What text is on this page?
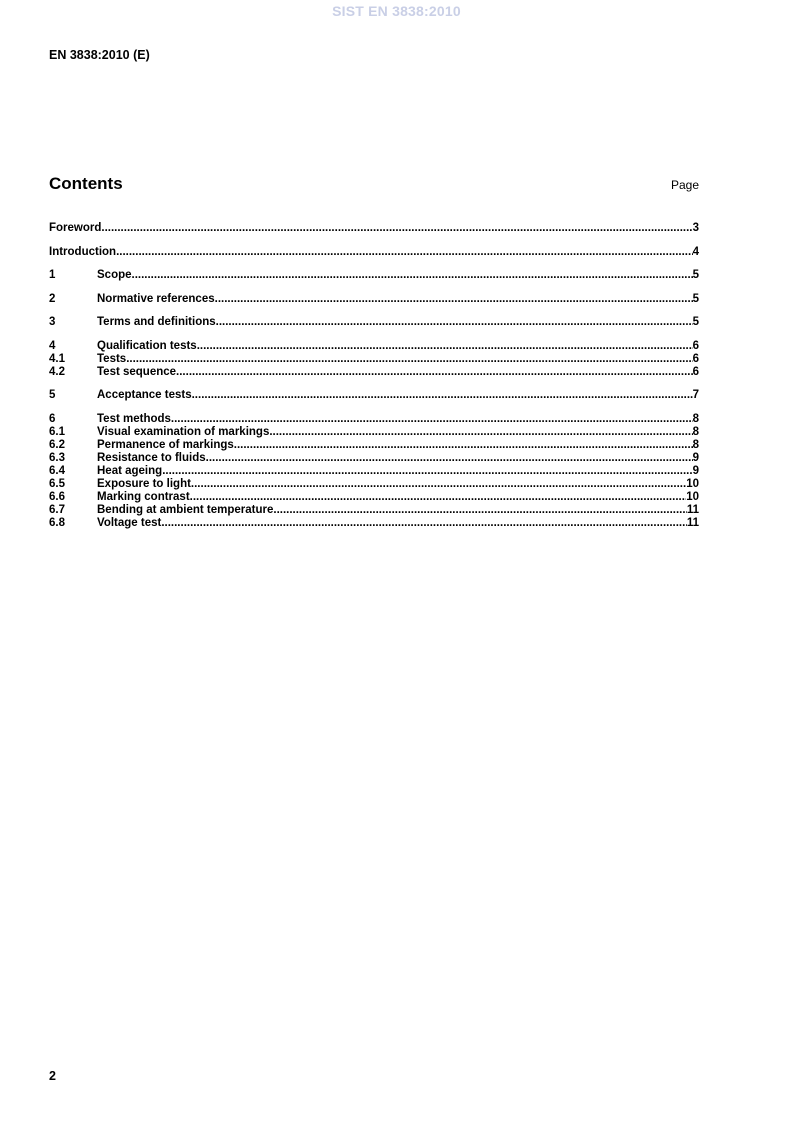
SIST EN 3838:2010
EN 3838:2010 (E)
Contents	Page
Foreword .....	3
Introduction .....	4
1	Scope .....	5
2	Normative references .....	5
3	Terms and definitions .....	5
4	Qualification tests .....	6
4.1	Tests .....	6
4.2	Test sequence .....	6
5	Acceptance tests .....	7
6	Test methods .....	8
6.1	Visual examination of markings .....	8
6.2	Permanence of markings .....	8
6.3	Resistance to fluids .....	9
6.4	Heat ageing .....	9
6.5	Exposure to light .....	10
6.6	Marking contrast .....	10
6.7	Bending at ambient temperature .....	11
6.8	Voltage test .....	11
2
